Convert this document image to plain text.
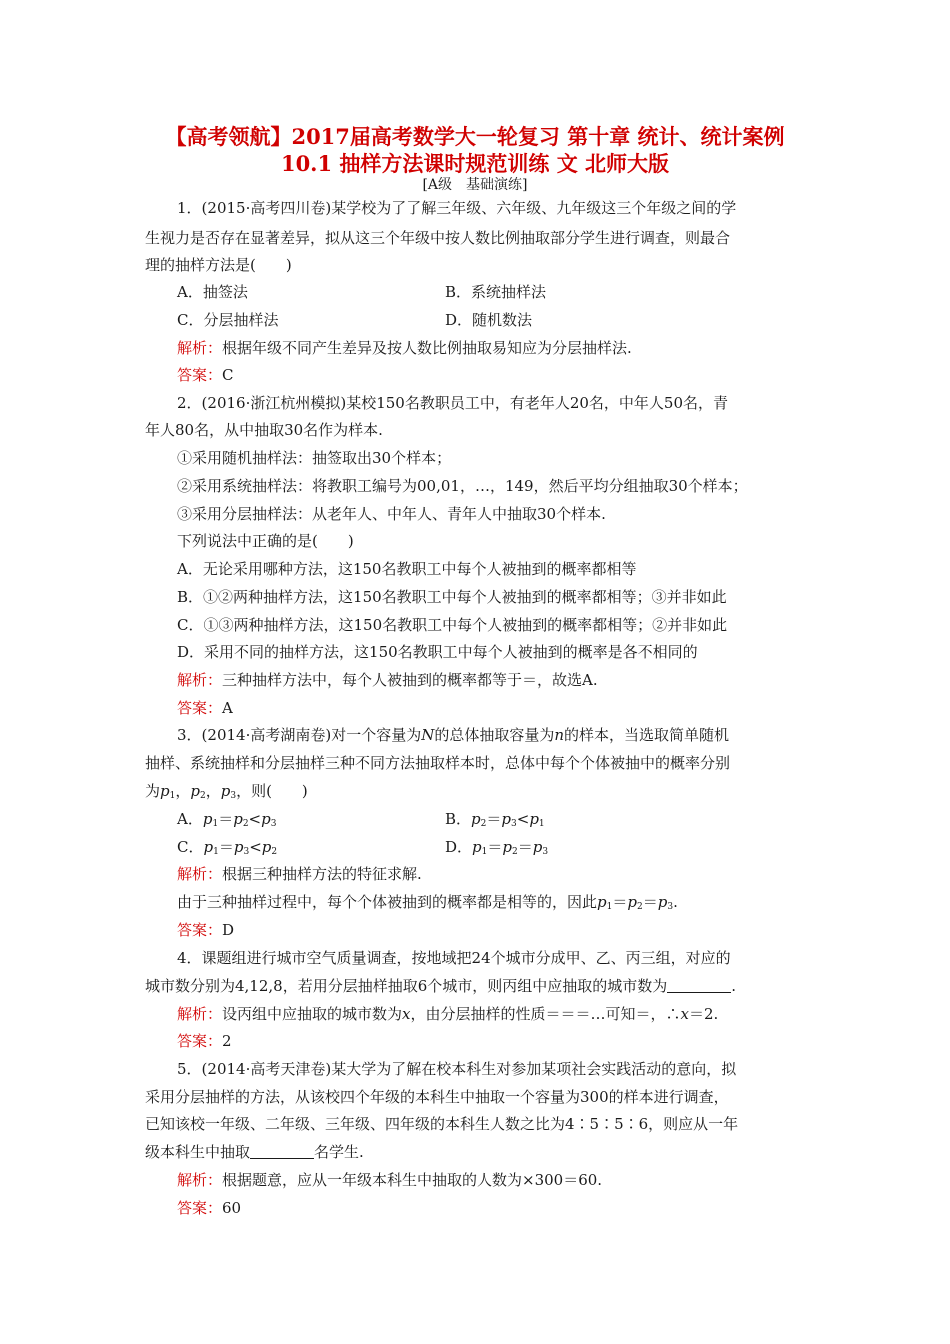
【高考领航】2017届高考数学大一轮复习 第十章 统计、统计案例
10.1 抽样方法课时规范训练 文 北师大版
[A级　基础演练]
1．(2015·高考四川卷)某学校为了了解三年级、六年级、九年级这三个年级之间的学
生视力是否存在显著差异，拟从这三个年级中按人数比例抽取部分学生进行调查，则最合
理的抽样方法是(　　)
A．抽签法	B．系统抽样法
C．分层抽样法	D．随机数法
解析：根据年级不同产生差异及按人数比例抽取易知应为分层抽样法.
答案：C
2．(2016·浙江杭州模拟)某校150名教职员工中，有老年人20名，中年人50名，青
年人80名，从中抽取30名作为样本.
①采用随机抽样法：抽签取出30个样本；
②采用系统抽样法：将教职工编号为00,01，…，149，然后平均分组抽取30个样本；
③采用分层抽样法：从老年人、中年人、青年人中抽取30个样本.
下列说法中正确的是(　　)
A．无论采用哪种方法，这150名教职工中每个人被抽到的概率都相等
B．①②两种抽样方法，这150名教职工中每个人被抽到的概率都相等；③并非如此
C．①③两种抽样方法，这150名教职工中每个人被抽到的概率都相等；②并非如此
D．采用不同的抽样方法，这150名教职工中每个人被抽到的概率是各不相同的
解析：三种抽样方法中，每个人被抽到的概率都等于＝，故选A.
答案：A
3．(2014·高考湖南卷)对一个容量为N的总体抽取容量为n的样本，当选取简单随机
抽样、系统抽样和分层抽样三种不同方法抽取样本时，总体中每个个体被抽中的概率分别
为$p_1$，$p_2$，$p_3$，则(　　)
A．$p_1=p_2<p_3$	B．$p_2=p_3<p_1$
C．$p_1=p_3<p_2$	D．$p_1=p_2=p_3$
解析：根据三种抽样方法的特征求解.
由于三种抽样过程中，每个个体被抽到的概率都是相等的，因此$p_1=p_2=p_3$.
答案：D
4．课题组进行城市空气质量调查，按地域把24个城市分成甲、乙、丙三组，对应的
城市数分别为4,12,8，若用分层抽样抽取6个城市，则丙组中应抽取的城市数为	.
解析：设丙组中应抽取的城市数为x，由分层抽样的性质＝＝＝…可知＝，∴x＝2.
答案：2
5．(2014·高考天津卷)某大学为了解在校本科生对参加某项社会实践活动的意向，拟
采用分层抽样的方法，从该校四个年级的本科生中抽取一个容量为300的样本进行调查，
已知该校一年级、二年级、三年级、四年级的本科生人数之比为4∶5∶5∶6，则应从一年
级本科生中抽取	名学生.
解析：根据题意，应从一年级本科生中抽取的人数为×300＝60.
答案：60
